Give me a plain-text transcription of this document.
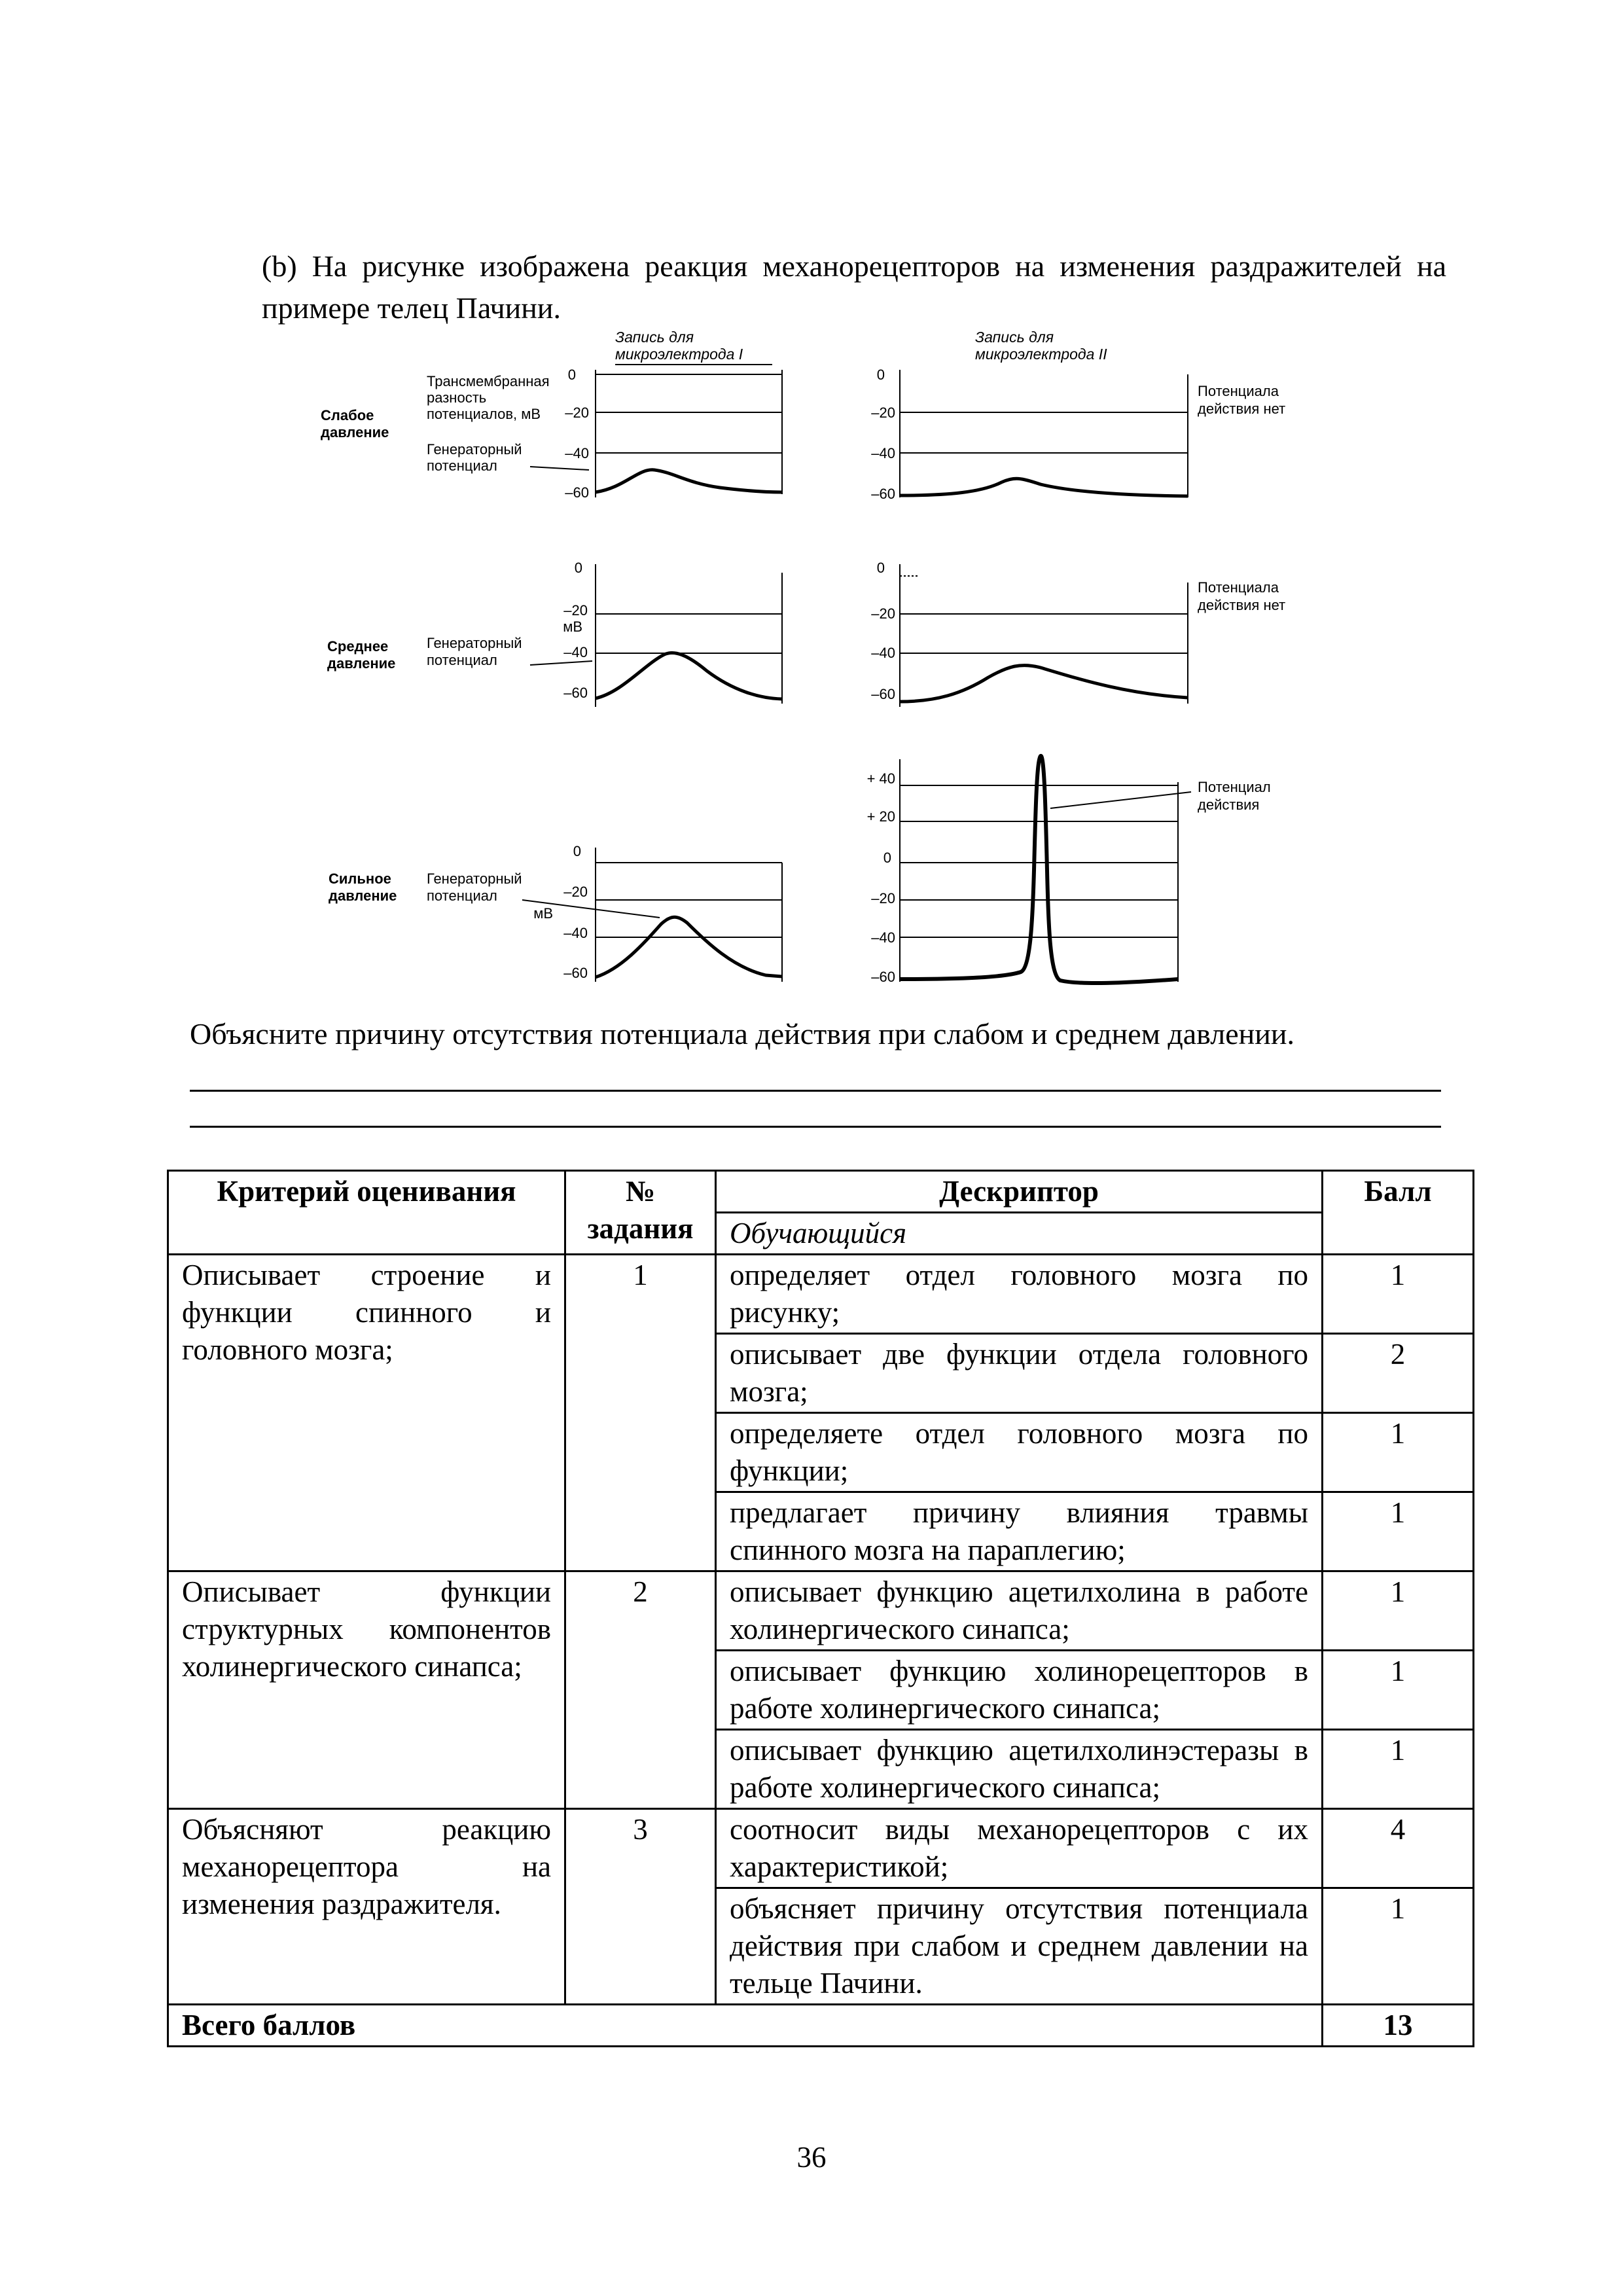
(b) На рисунке изображена реакция механорецепторов на изменения раздражителей на примере телец Пачини.
Запись для
микроэлектрода I
Запись для
микроэлектрода II
Слабое
давление
Трансмембранная
разность
потенциалов, мВ
Генераторный
потенциал
0
–20
–40
–60
0
–20
–40
–60
Потенциала
действия нет
Среднее
давление
мВ
Генераторный
потенциал
0
–20
–40
–60
0
–20
–40
–60
Потенциала
действия нет
Сильное
давление
Генераторный
потенциал
мВ
0
–20
–40
–60
+ 40
+ 20
0
–20
–40
–60
Потенциал
действия
Объясните причину отсутствия потенциала действия при слабом и среднем давлении.
Критерий оценивания	№ задания	Дескриптор	Балл
		Обучающийся	
Описывает строение и функции спинного и головного мозга;	1	определяет отдел головного мозга по рисунку;	1
		описывает две функции отдела головного мозга;	2
		определяете отдел головного мозга по функции;	1
		предлагает причину влияния травмы спинного мозга на параплегию;	1
Описывает функции структурных компонентов холинергического синапса;	2	описывает функцию ацетилхолина в работе холинергического синапса;	1
		описывает функцию холинорецепторов в работе холинергического синапса;	1
		описывает функцию ацетилхолинэстеразы в работе холинергического синапса;	1
Объясняют реакцию механорецептора на изменения раздражителя.	3	соотносит виды механорецепторов с их характеристикой;	4
		объясняет причину отсутствия потенциала действия при слабом и среднем давлении на тельце Пачини.	1
Всего баллов			13
36
